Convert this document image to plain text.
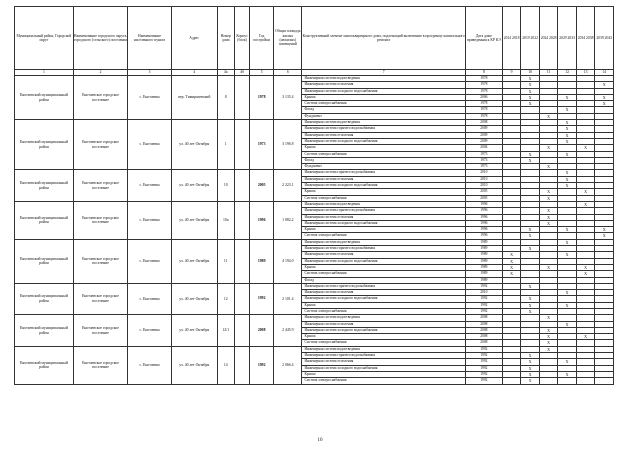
Муниципальный район, Городской округ	Наименование городского округа, городского (сельского) поселения	Наименование населенного пункта	Адрес	Номер дома	Корпус (блок)	Год постройки	Общая площадь жилых (нежилых) помещений	Конструктивный элемент многоквартирного дома, подлежащий включению в программу капитального ремонта	Дата даже приведенная к КР КЭ	2014 2018	2019 2022	2024 2028	2029 2033	2034 2038	2039 2043
1	2	3	4	4а	4б	5	6	7	8	9	10	11	12	13	14
Енотаевский муниципальный район	Енотаевское городское поселение	с. Енотаевка	пер. Тимирязевский	8		1978	3 135.4	Инженерная система водоотведения	1978		X				
								Инженерная система отопления	1978		X				X
								Инженерная система холодного водоснабжения	1978		X				
								Крыша	2006		X		X		X
								Система электроснабжения	1978		X				X
								Фасад	1978				X		
								Фундамент	1978			X			
Енотаевский муниципальный район	Енотаевское городское поселение	с. Енотаевка	ул. 40 лет Октября	1		1973	3 196.8	Инженерная система водоотведения	2008				X		
								Инженерная система горячего водоснабжения	2009				X		
								Инженерная система отопления	2009				X		
								Инженерная система холодного водоснабжения	2009				X		
								Крыша	2004			X		X	
								Система электроснабжения	1973		X		X		
								Фасад	1973		X				
								Фундамент	1973			X			
Енотаевский муниципальный район	Енотаевское городское поселение	с. Енотаевка	ул. 40 лет Октября	10		2005	2 223.1	Инженерная система горячего водоснабжения	2010				X		
								Инженерная система отопления	2010				X		
								Инженерная система холодного водоснабжения	2010				X		
								Крыша	2005			X		X	
								Система электроснабжения	2005			X			
Енотаевский муниципальный район	Енотаевское городское поселение	с. Енотаевка	ул. 40 лет Октября	10а		1996	1 882.2	Инженерная система водоотведения	1996					X	
								Инженерная система горячего водоснабжения	1996			X			
								Инженерная система отопления	1996			X			
								Инженерная система холодного водоснабжения	1996			X			
								Крыша	1996		X		X		X
								Система электроснабжения	1996		X				X
Енотаевский муниципальный район	Енотаевское городское поселение	с. Енотаевка	ул. 40 лет Октября	11		1989	4 194.0	Инженерная система водоотведения	1989				X		
								Инженерная система горячего водоснабжения	1989		X				
								Инженерная система отопления	1989	X			X		
								Инженерная система холодного водоснабжения	1989	X					
								Крыша	1989	X		X		X	
								Система электроснабжения	1989	X				X	
								Фасад	1989						
Енотаевский муниципальный район	Енотаевское городское поселение	с. Енотаевка	ул. 40 лет Октября	12		1992	2 101.4	Инженерная система горячего водоснабжения	1992		X				
								Инженерная система отопления	2010				X		
								Инженерная система холодного водоснабжения	1992		X				
								Крыша	1992		X		X		
								Система электроснабжения	1992		X				
Енотаевский муниципальный район	Енотаевское городское поселение	с. Енотаевка	ул. 40 лет Октября	12/1		2008	2 445.9	Инженерная система водоотведения	2008			X			
								Инженерная система отопления	2008				X		
								Инженерная система холодного водоснабжения	2008			X			
								Крыша	2008			X		X	
								Система электроснабжения	2008			X			
Енотаевский муниципальный район	Енотаевское городское поселение	с. Енотаевка	ул. 40 лет Октября	14		1992	2 066.4	Инженерная система водоотведения	1992			X			
								Инженерная система горячего водоснабжения	1992		X				
								Инженерная система отопления	1992		X		X		
								Инженерная система холодного водоснабжения	1992		X				
								Крыша	1992		X		X		
								Система электроснабжения	1992		X				
10
